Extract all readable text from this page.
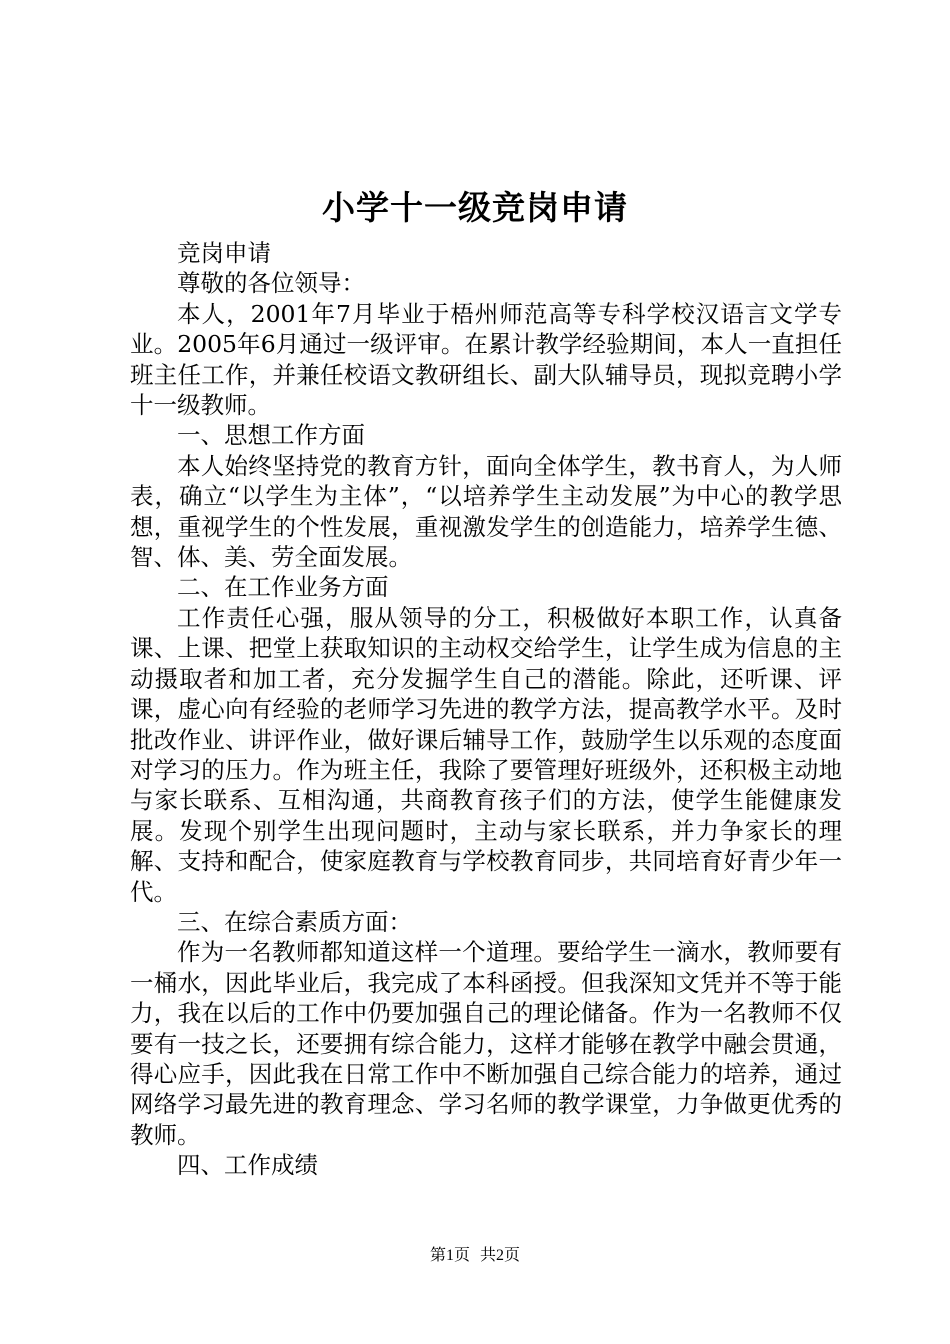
小学十一级竞岗申请

竞岗申请

尊敬的各位领导：

本人，2001年7月毕业于梧州师范高等专科学校汉语言文学专业。2005年6月通过一级评审。在累计教学经验期间，本人一直担任班主任工作，并兼任校语文教研组长、副大队辅导员，现拟竞聘小学十一级教师。

一、思想工作方面

本人始终坚持党的教育方针，面向全体学生，教书育人，为人师表，确立“以学生为主体”，“以培养学生主动发展”为中心的教学思想，重视学生的个性发展，重视激发学生的创造能力，培养学生德、智、体、美、劳全面发展。

二、在工作业务方面

工作责任心强，服从领导的分工，积极做好本职工作，认真备课、上课、把堂上获取知识的主动权交给学生，让学生成为信息的主动摄取者和加工者，充分发掘学生自己的潜能。除此，还听课、评课，虚心向有经验的老师学习先进的教学方法，提高教学水平。及时批改作业、讲评作业，做好课后辅导工作，鼓励学生以乐观的态度面对学习的压力。作为班主任，我除了要管理好班级外，还积极主动地与家长联系、互相沟通，共商教育孩子们的方法，使学生能健康发展。发现个别学生出现问题时，主动与家长联系，并力争家长的理解、支持和配合，使家庭教育与学校教育同步，共同培育好青少年一代。

三、在综合素质方面：

作为一名教师都知道这样一个道理。要给学生一滴水，教师要有一桶水，因此毕业后，我完成了本科函授。但我深知文凭并不等于能力，我在以后的工作中仍要加强自己的理论储备。作为一名教师不仅要有一技之长，还要拥有综合能力，这样才能够在教学中融会贯通，得心应手，因此我在日常工作中不断加强自己综合能力的培养，通过网络学习最先进的教育理念、学习名师的教学课堂，力争做更优秀的教师。

四、工作成绩

第1页 共2页
